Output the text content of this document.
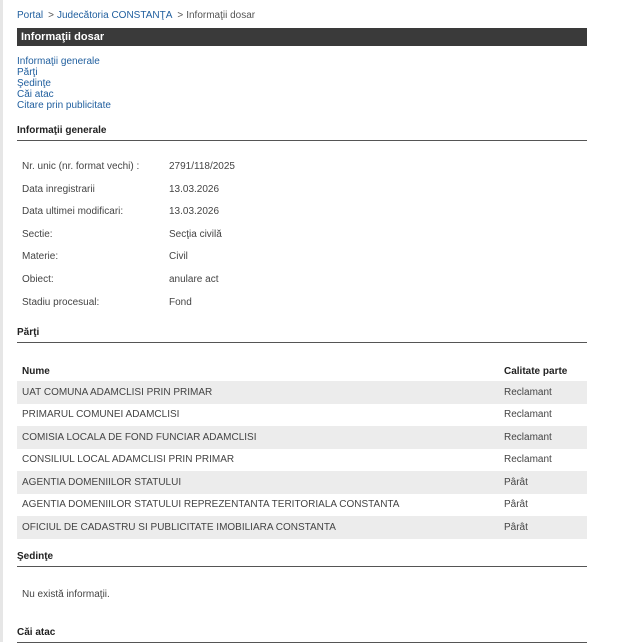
Portal > Judecătoria CONSTANŢA > Informaţii dosar
Informaţii dosar
Informaţii generale
Părţi
Şedinţe
Căi atac
Citare prin publicitate
Informaţii generale
Nr. unic (nr. format vechi) :	2791/118/2025
Data inregistrarii	13.03.2026
Data ultimei modificari:	13.03.2026
Sectie:	Secţia civilă
Materie:	Civil
Obiect:	anulare act
Stadiu procesual:	Fond
Părţi
Nume	Calitate parte
UAT COMUNA ADAMCLISI PRIN PRIMAR	Reclamant
PRIMARUL COMUNEI ADAMCLISI	Reclamant
COMISIA LOCALA DE FOND FUNCIAR ADAMCLISI	Reclamant
CONSILIUL LOCAL ADAMCLISI PRIN PRIMAR	Reclamant
AGENTIA DOMENIILOR STATULUI	Pârât
AGENTIA DOMENIILOR STATULUI REPREZENTANTA TERITORIALA CONSTANTA	Pârât
OFICIUL DE CADASTRU SI PUBLICITATE IMOBILIARA CONSTANTA	Pârât
Şedinţe
Nu există informaţii.
Căi atac
